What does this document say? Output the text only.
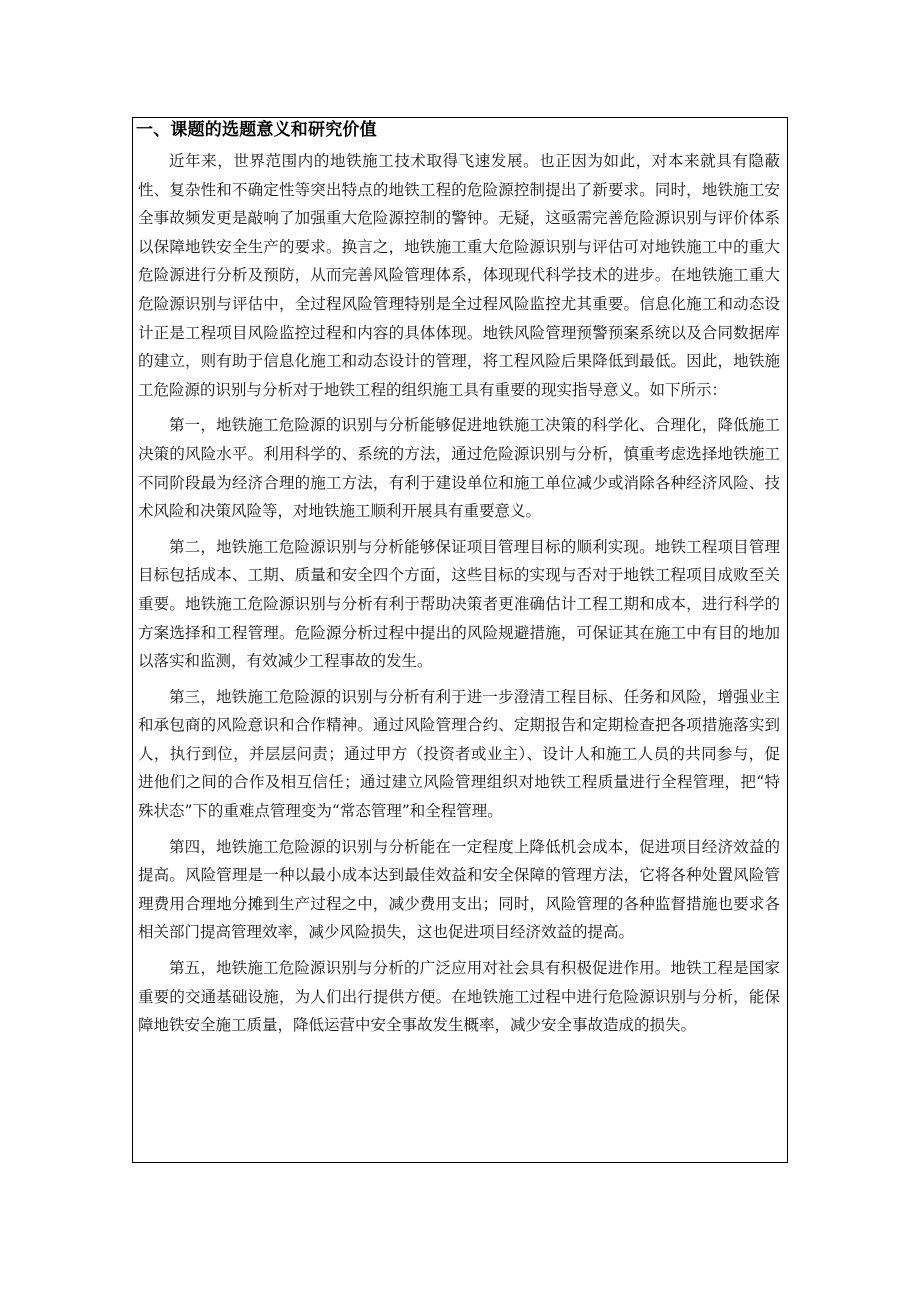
一、课题的选题意义和研究价值

近年来，世界范围内的地铁施工技术取得飞速发展。也正因为如此，对本来就具有隐蔽性、复杂性和不确定性等突出特点的地铁工程的危险源控制提出了新要求。同时，地铁施工安全事故频发更是敲响了加强重大危险源控制的警钟。无疑，这亟需完善危险源识别与评价体系以保障地铁安全生产的要求。换言之，地铁施工重大危险源识别与评估可对地铁施工中的重大危险源进行分析及预防，从而完善风险管理体系，体现现代科学技术的进步。在地铁施工重大危险源识别与评估中，全过程风险管理特别是全过程风险监控尤其重要。信息化施工和动态设计正是工程项目风险监控过程和内容的具体体现。地铁风险管理预警预案系统以及合同数据库的建立，则有助于信息化施工和动态设计的管理，将工程风险后果降低到最低。因此，地铁施工危险源的识别与分析对于地铁工程的组织施工具有重要的现实指导意义。如下所示：

第一，地铁施工危险源的识别与分析能够促进地铁施工决策的科学化、合理化，降低施工决策的风险水平。利用科学的、系统的方法，通过危险源识别与分析，慎重考虑选择地铁施工不同阶段最为经济合理的施工方法，有利于建设单位和施工单位减少或消除各种经济风险、技术风险和决策风险等，对地铁施工顺利开展具有重要意义。

第二，地铁施工危险源识别与分析能够保证项目管理目标的顺利实现。地铁工程项目管理目标包括成本、工期、质量和安全四个方面，这些目标的实现与否对于地铁工程项目成败至关重要。地铁施工危险源识别与分析有利于帮助决策者更准确估计工程工期和成本，进行科学的方案选择和工程管理。危险源分析过程中提出的风险规避措施，可保证其在施工中有目的地加以落实和监测，有效减少工程事故的发生。

第三，地铁施工危险源的识别与分析有利于进一步澄清工程目标、任务和风险，增强业主和承包商的风险意识和合作精神。通过风险管理合约、定期报告和定期检查把各项措施落实到人，执行到位，并层层问责；通过甲方（投资者或业主）、设计人和施工人员的共同参与，促进他们之间的合作及相互信任；通过建立风险管理组织对地铁工程质量进行全程管理，把“特殊状态”下的重难点管理变为“常态管理”和全程管理。

第四，地铁施工危险源的识别与分析能在一定程度上降低机会成本，促进项目经济效益的提高。风险管理是一种以最小成本达到最佳效益和安全保障的管理方法，它将各种处置风险管理费用合理地分摊到生产过程之中，减少费用支出；同时，风险管理的各种监督措施也要求各相关部门提高管理效率，减少风险损失，这也促进项目经济效益的提高。

第五，地铁施工危险源识别与分析的广泛应用对社会具有积极促进作用。地铁工程是国家重要的交通基础设施，为人们出行提供方便。在地铁施工过程中进行危险源识别与分析，能保障地铁安全施工质量，降低运营中安全事故发生概率，减少安全事故造成的损失。
